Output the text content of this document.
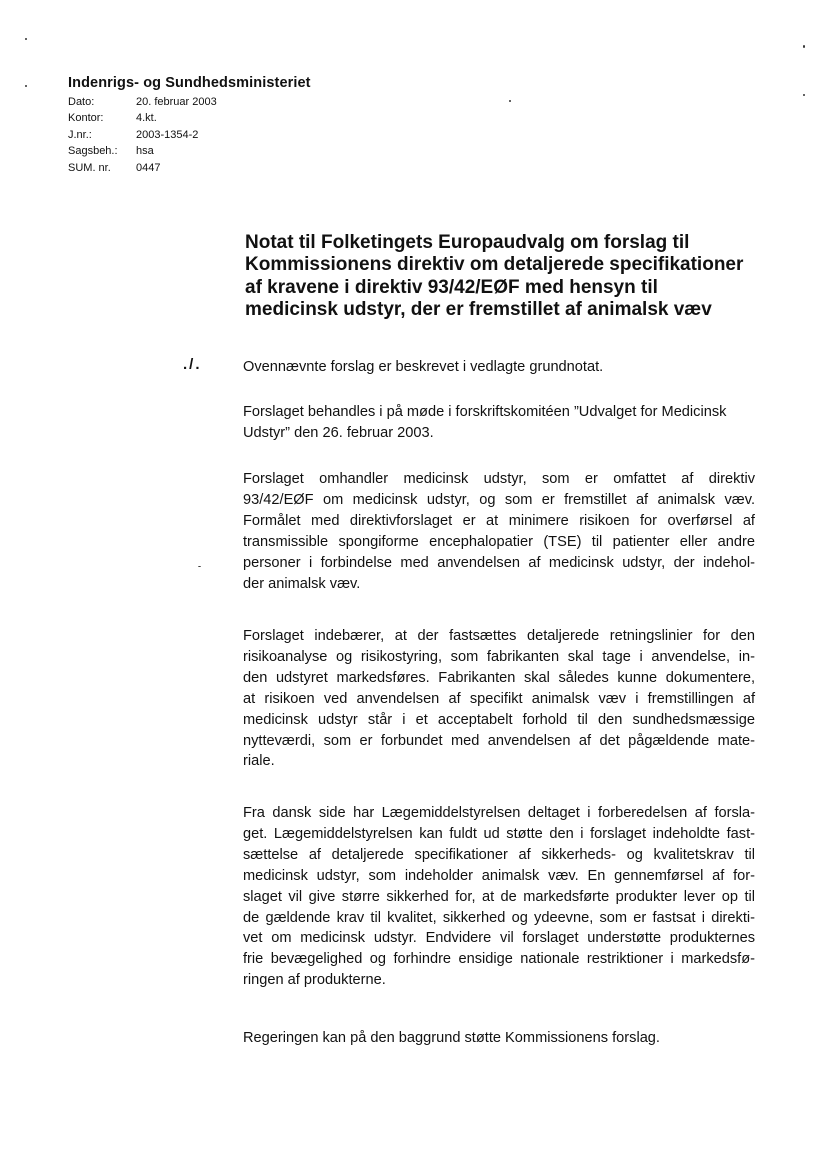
Indenrigs- og Sundhedsministeriet
Dato:	20. februar 2003
Kontor:	4.kt.
J.nr.:	2003-1354-2
Sagsbeh.:	hsa
SUM. nr.	0447
Notat til Folketingets Europaudvalg om forslag til
Kommissionens direktiv om detaljerede specifikationer
af kravene i direktiv 93/42/EØF med hensyn til
medicinsk udstyr, der er fremstillet af animalsk væv
./.	Ovennævnte forslag er beskrevet i vedlagte grundnotat.
Forslaget behandles i på møde i forskriftskomitéen ”Udvalget for Medicinsk
Udstyr” den 26. februar 2003.
Forslaget omhandler medicinsk udstyr, som er omfattet af direktiv
93/42/EØF om medicinsk udstyr, og som er fremstillet af animalsk væv.
Formålet med direktivforslaget er at minimere risikoen for overførsel af
transmissible spongiforme encephalopatier (TSE) til patienter eller andre
personer i forbindelse med anvendelsen af medicinsk udstyr, der indehol-
der animalsk væv.
Forslaget indebærer, at der fastsættes detaljerede retningslinier for den
risikoanalyse og risikostyring, som fabrikanten skal tage i anvendelse, in-
den udstyret markedsføres. Fabrikanten skal således kunne dokumentere,
at risikoen ved anvendelsen af specifikt animalsk væv i fremstillingen af
medicinsk udstyr står i et acceptabelt forhold til den sundhedsmæssige
nytteværdi, som er forbundet med anvendelsen af det pågældende mate-
riale.
Fra dansk side har Lægemiddelstyrelsen deltaget i forberedelsen af forsla-
get. Lægemiddelstyrelsen kan fuldt ud støtte den i forslaget indeholdte fast-
sættelse af detaljerede specifikationer af sikkerheds- og kvalitetskrav til
medicinsk udstyr, som indeholder animalsk væv. En gennemførsel af for-
slaget vil give større sikkerhed for, at de markedsførte produkter lever op til
de gældende krav til kvalitet, sikkerhed og ydeevne, som er fastsat i direkti-
vet om medicinsk udstyr. Endvidere vil forslaget understøtte produkternes
frie bevægelighed og forhindre ensidige nationale restriktioner i markedsfø-
ringen af produkterne.
Regeringen kan på den baggrund støtte Kommissionens forslag.
